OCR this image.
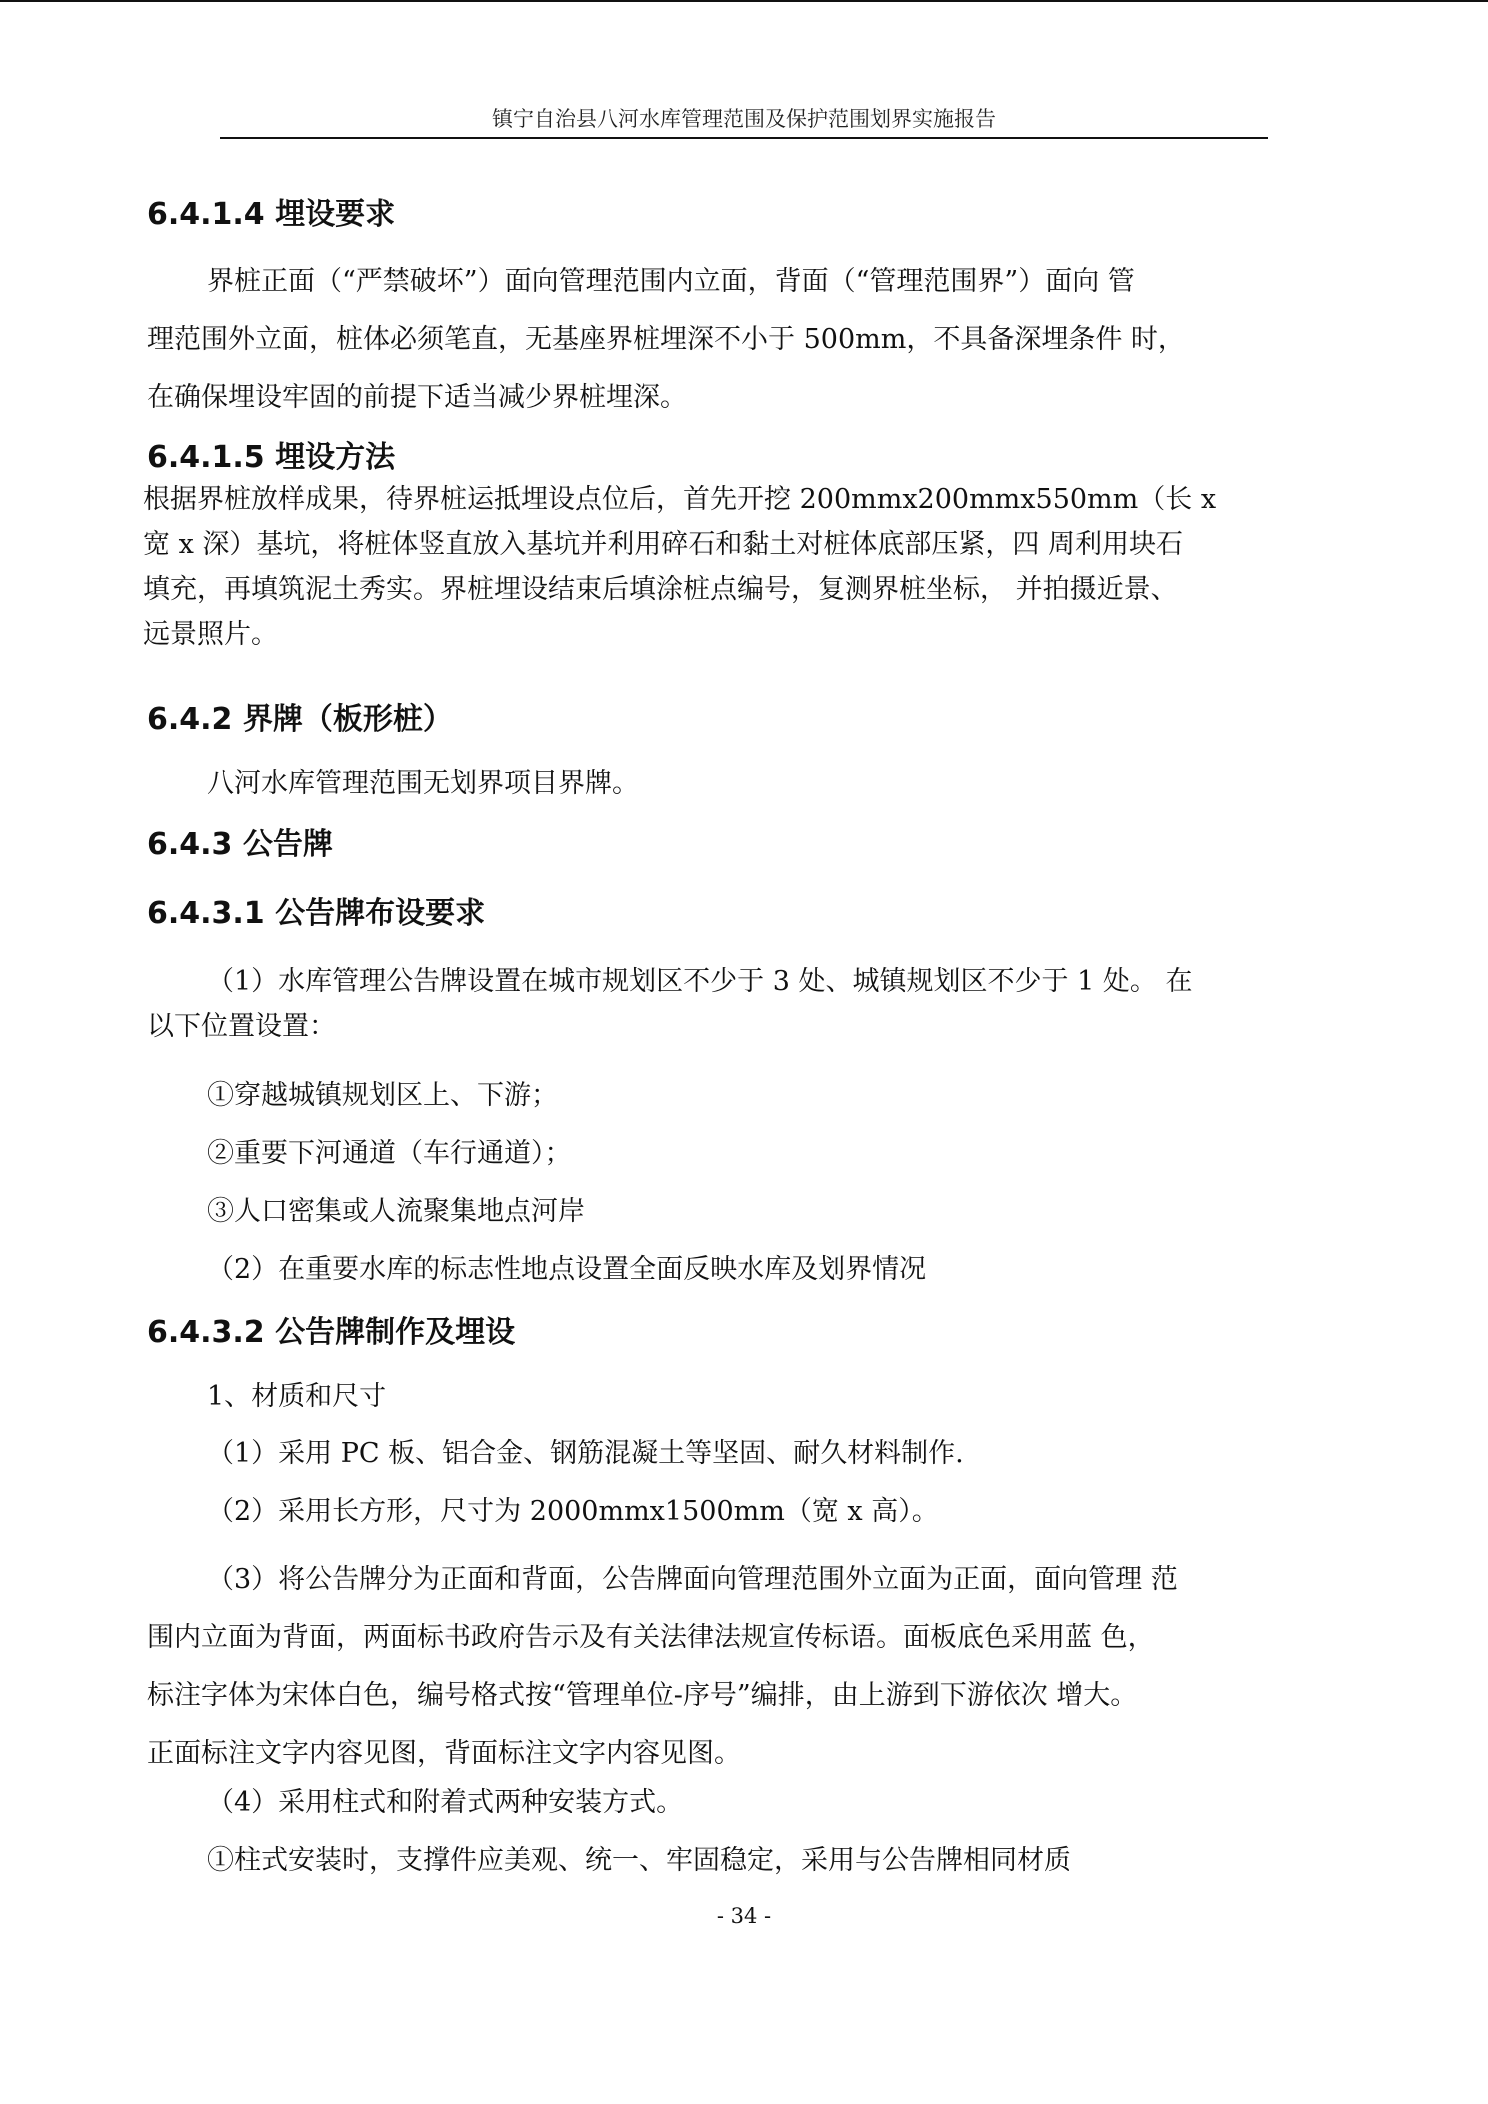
镇宁自治县八河水库管理范围及保护范围划界实施报告
6.4.1.4 埋设要求
界桩正面（“严禁破坏”）面向管理范围内立面，背面（“管理范围界”）面向 管
理范围外立面，桩体必须笔直，无基座界桩埋深不小于 500mm，不具备深埋条件 时，
在确保埋设牢固的前提下适当减少界桩埋深。
6.4.1.5 埋设方法
根据界桩放样成果，待界桩运抵埋设点位后，首先开挖 200mmx200mmx550mm（长 x
宽 x 深）基坑，将桩体竖直放入基坑并利用碎石和黏土对桩体底部压紧，四 周利用块石
填充，再填筑泥土秀实。界桩埋设结束后填涂桩点编号，复测界桩坐标， 并拍摄近景、
远景照片。
6.4.2 界牌（板形桩）
八河水库管理范围无划界项目界牌。
6.4.3 公告牌
6.4.3.1 公告牌布设要求
（1）水库管理公告牌设置在城市规划区不少于 3 处、城镇规划区不少于 1 处。 在
以下位置设置：
①穿越城镇规划区上、下游；
②重要下河通道（车行通道）；
③人口密集或人流聚集地点河岸
（2）在重要水库的标志性地点设置全面反映水库及划界情况
6.4.3.2 公告牌制作及埋设
1、材质和尺寸
（1）采用 PC 板、铝合金、钢筋混凝土等坚固、耐久材料制作.
（2）采用长方形，尺寸为 2000mmx1500mm（宽 x 高）。
（3）将公告牌分为正面和背面，公告牌面向管理范围外立面为正面，面向管理 范
围内立面为背面，两面标书政府告示及有关法律法规宣传标语。面板底色采用蓝 色，
标注字体为宋体白色，编号格式按“管理单位-序号”编排，由上游到下游依次 增大。
正面标注文字内容见图，背面标注文字内容见图。
（4）采用柱式和附着式两种安装方式。
①柱式安装时，支撑件应美观、统一、牢固稳定，采用与公告牌相同材质
- 34 -
